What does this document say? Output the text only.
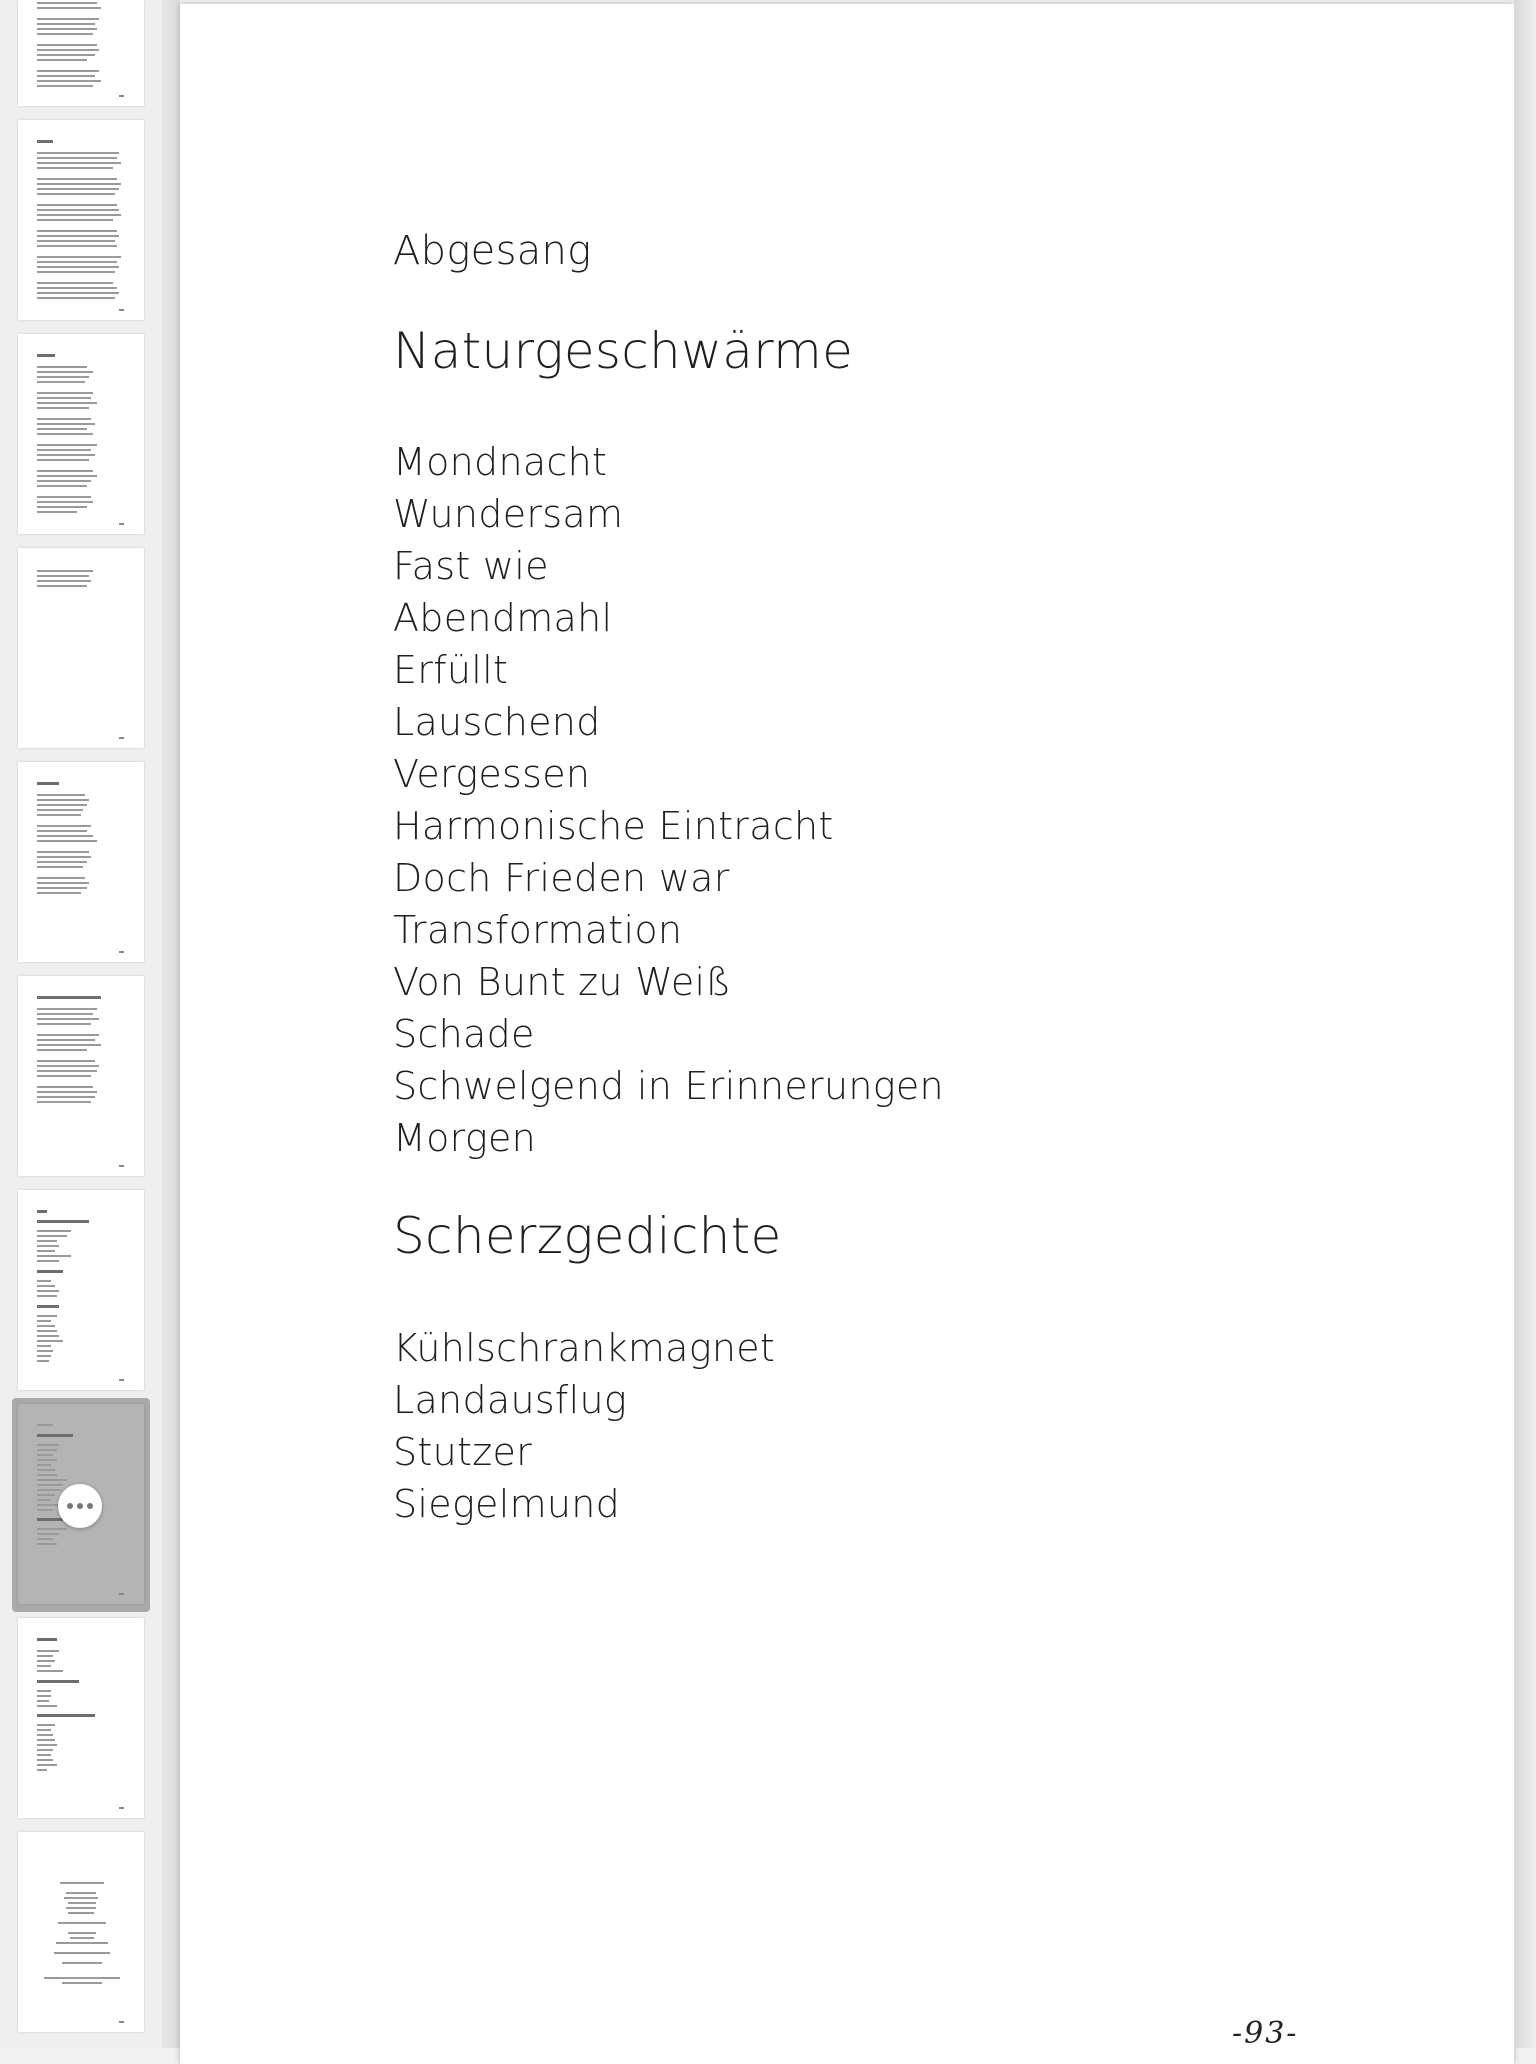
Abgesang
Naturgeschwärme
Mondnacht
Wundersam
Fast wie
Abendmahl
Erfüllt
Lauschend
Vergessen
Harmonische Eintracht
Doch Frieden war
Transformation
Von Bunt zu Weiß
Schade
Schwelgend in Erinnerungen
Morgen
Scherzgedichte
Kühlschrankmagnet
Landausflug
Stutzer
Siegelmund
-93-
